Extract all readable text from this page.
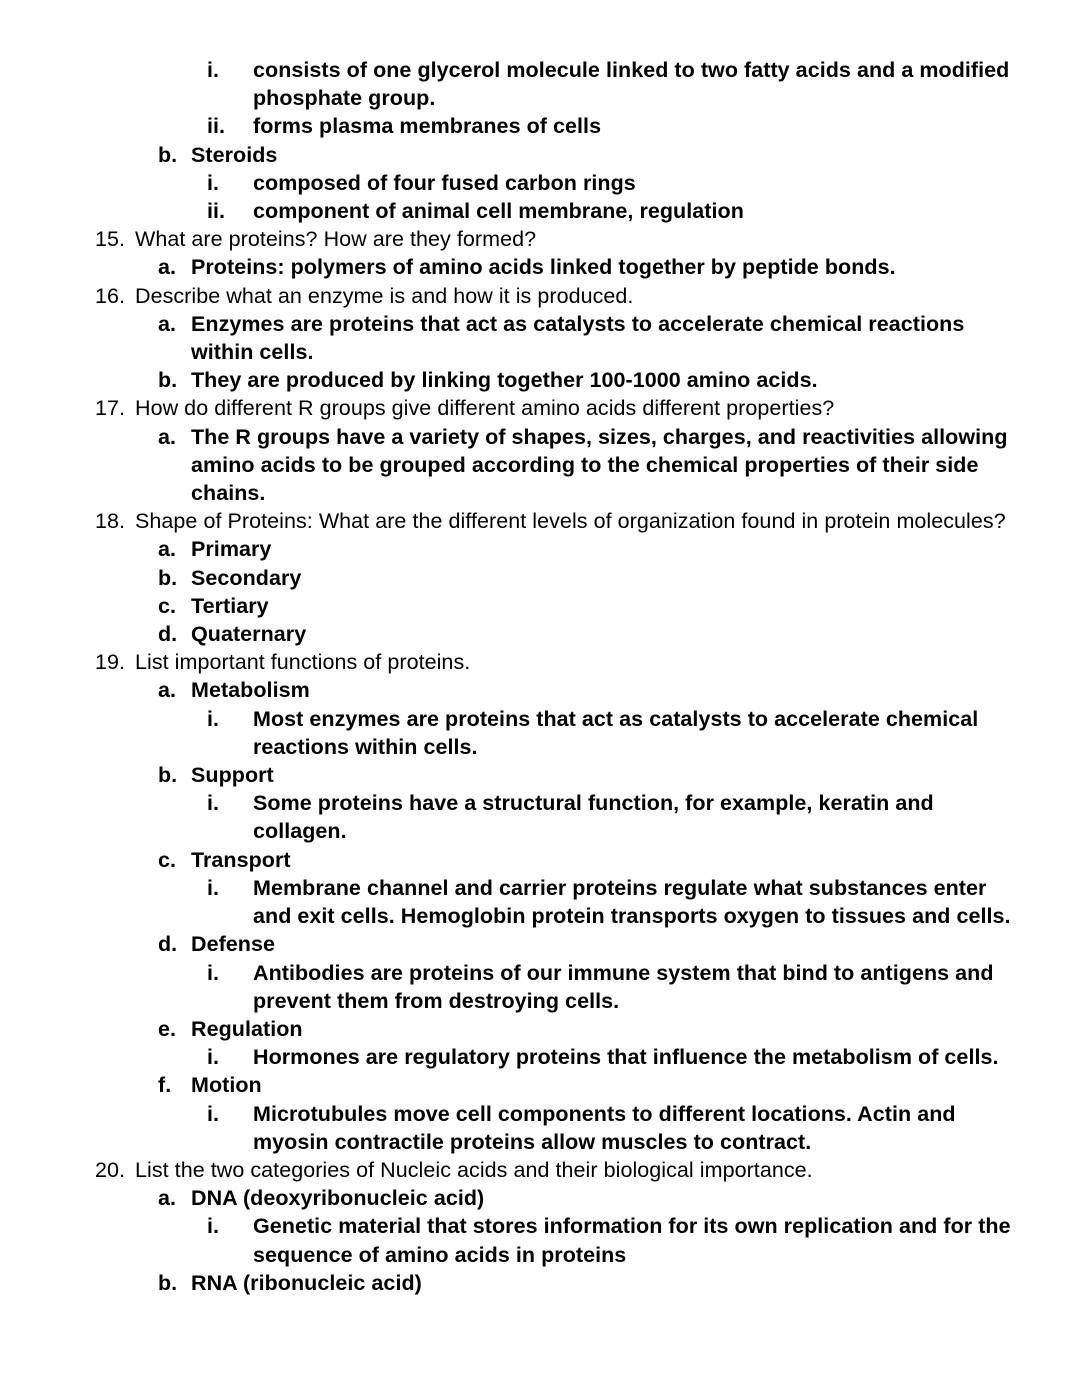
i.	consists of one glycerol molecule linked to two fatty acids and a modified phosphate group.
ii.	forms plasma membranes of cells
b. Steroids
i.	composed of four fused carbon rings
ii.	component of animal cell membrane, regulation
15. What are proteins? How are they formed?
a. Proteins: polymers of amino acids linked together by peptide bonds.
16. Describe what an enzyme is and how it is produced.
a. Enzymes are proteins that act as catalysts to accelerate chemical reactions within cells.
b. They are produced by linking together 100-1000 amino acids.
17. How do different R groups give different amino acids different properties?
a. The R groups have a variety of shapes, sizes, charges, and reactivities allowing amino acids to be grouped according to the chemical properties of their side chains.
18. Shape of Proteins: What are the different levels of organization found in protein molecules?
a. Primary
b. Secondary
c. Tertiary
d. Quaternary
19. List important functions of proteins.
a. Metabolism
i.	Most enzymes are proteins that act as catalysts to accelerate chemical reactions within cells.
b. Support
i.	Some proteins have a structural function, for example, keratin and collagen.
c. Transport
i.	Membrane channel and carrier proteins regulate what substances enter and exit cells. Hemoglobin protein transports oxygen to tissues and cells.
d. Defense
i.	Antibodies are proteins of our immune system that bind to antigens and prevent them from destroying cells.
e. Regulation
i.	Hormones are regulatory proteins that influence the metabolism of cells.
f. Motion
i.	Microtubules move cell components to different locations. Actin and myosin contractile proteins allow muscles to contract.
20. List the two categories of Nucleic acids and their biological importance.
a. DNA (deoxyribonucleic acid)
i.	Genetic material that stores information for its own replication and for the sequence of amino acids in proteins
b. RNA (ribonucleic acid)
